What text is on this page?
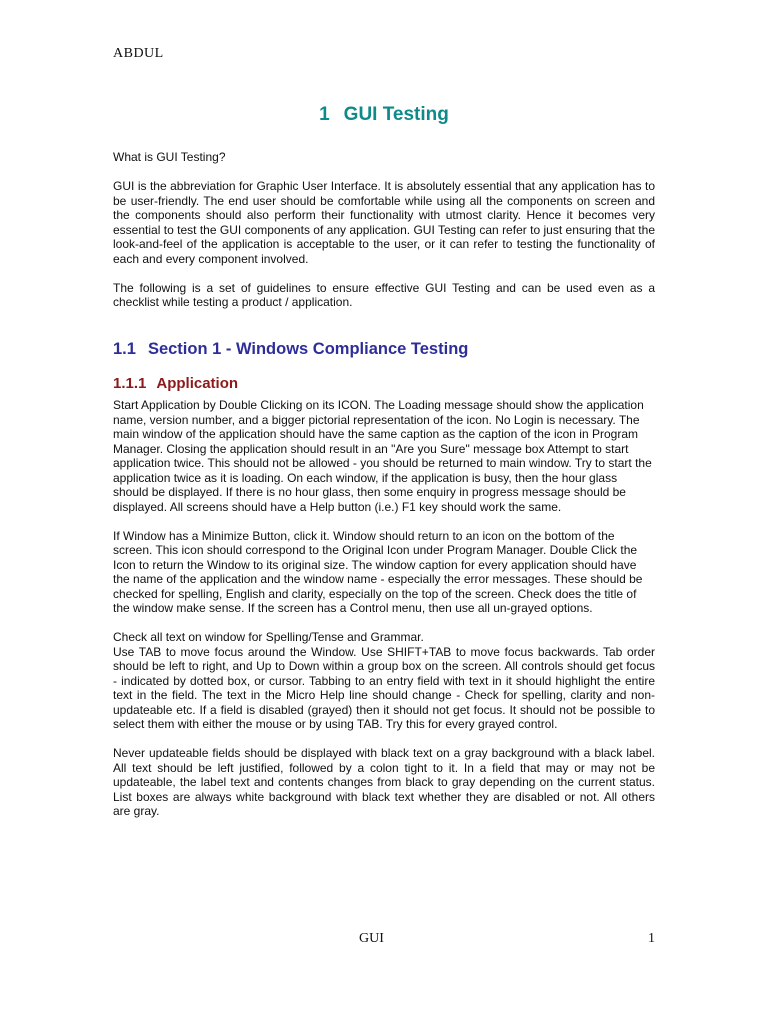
ABDUL
1 GUI Testing

What is GUI Testing?

GUI is the abbreviation for Graphic User Interface. It is absolutely essential that any application has to be user-friendly. The end user should be comfortable while using all the components on screen and the components should also perform their functionality with utmost clarity. Hence it becomes very essential to test the GUI components of any application. GUI Testing can refer to just ensuring that the look-and-feel of the application is acceptable to the user, or it can refer to testing the functionality of each and every component involved.

The following is a set of guidelines to ensure effective GUI Testing and can be used even as a checklist while testing a product / application.

1.1 Section 1 - Windows Compliance Testing
1.1.1 Application

Start Application by Double Clicking on its ICON. The Loading message should show the application name, version number, and a bigger pictorial representation of the icon. No Login is necessary. The main window of the application should have the same caption as the caption of the icon in Program Manager. Closing the application should result in an "Are you Sure" message box Attempt to start application twice. This should not be allowed - you should be returned to main window. Try to start the application twice as it is loading. On each window, if the application is busy, then the hour glass should be displayed. If there is no hour glass, then some enquiry in progress message should be displayed. All screens should have a Help button (i.e.) F1 key should work the same.

If Window has a Minimize Button, click it. Window should return to an icon on the bottom of the screen. This icon should correspond to the Original Icon under Program Manager. Double Click the Icon to return the Window to its original size. The window caption for every application should have the name of the application and the window name - especially the error messages. These should be checked for spelling, English and clarity, especially on the top of the screen. Check does the title of the window make sense. If the screen has a Control menu, then use all un-grayed options.

Check all text on window for Spelling/Tense and Grammar.

Use TAB to move focus around the Window. Use SHIFT+TAB to move focus backwards. Tab order should be left to right, and Up to Down within a group box on the screen. All controls should get focus - indicated by dotted box, or cursor. Tabbing to an entry field with text in it should highlight the entire text in the field. The text in the Micro Help line should change - Check for spelling, clarity and non-updateable etc. If a field is disabled (grayed) then it should not get focus. It should not be possible to select them with either the mouse or by using TAB. Try this for every grayed control.

Never updateable fields should be displayed with black text on a gray background with a black label. All text should be left justified, followed by a colon tight to it. In a field that may or may not be updateable, the label text and contents changes from black to gray depending on the current status. List boxes are always white background with black text whether they are disabled or not. All others are gray.

GUI	1
